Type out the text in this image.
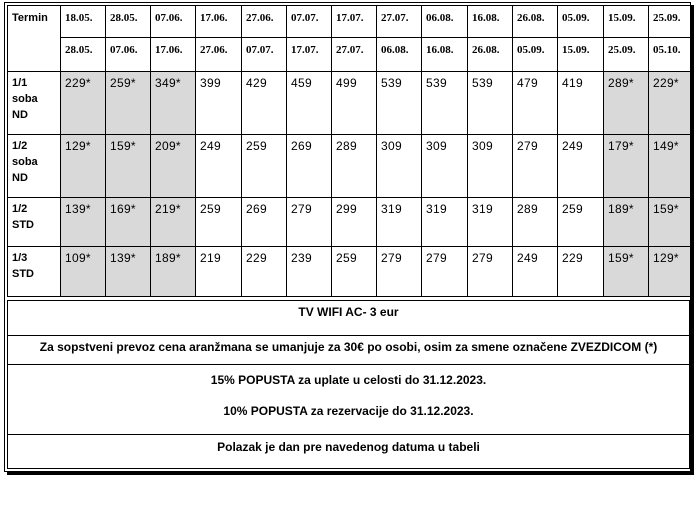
Termin	18.05.	28.05.	07.06.	17.06.	27.06.	07.07.	17.07.	27.07.	06.08.	16.08.	26.08.	05.09.	15.09.	25.09.
	28.05.	07.06.	17.06.	27.06.	07.07.	17.07.	27.07.	06.08.	16.08.	26.08.	05.09.	15.09.	25.09.	05.10.

1/1
soba
ND	229*	259*	349*	399	429	459	499	539	539	539	479	419	289*	229*

1/2
soba
ND	129*	159*	209*	249	259	269	289	309	309	309	279	249	179*	149*

1/2
STD	139*	169*	219*	259	269	279	299	319	319	319	289	259	189*	159*

1/3
STD	109*	139*	189*	219	229	239	259	279	279	279	249	229	159*	129*
TV WIFI AC- 3 eur
Za sopstveni prevoz cena aranžmana se umanjuje za 30€ po osobi, osim za smene označene ZVEZDICOM (*)
15% POPUSTA za uplate u celosti do 31.12.2023.
10% POPUSTA za rezervacije do 31.12.2023.
Polazak je dan pre navedenog datuma u tabeli
